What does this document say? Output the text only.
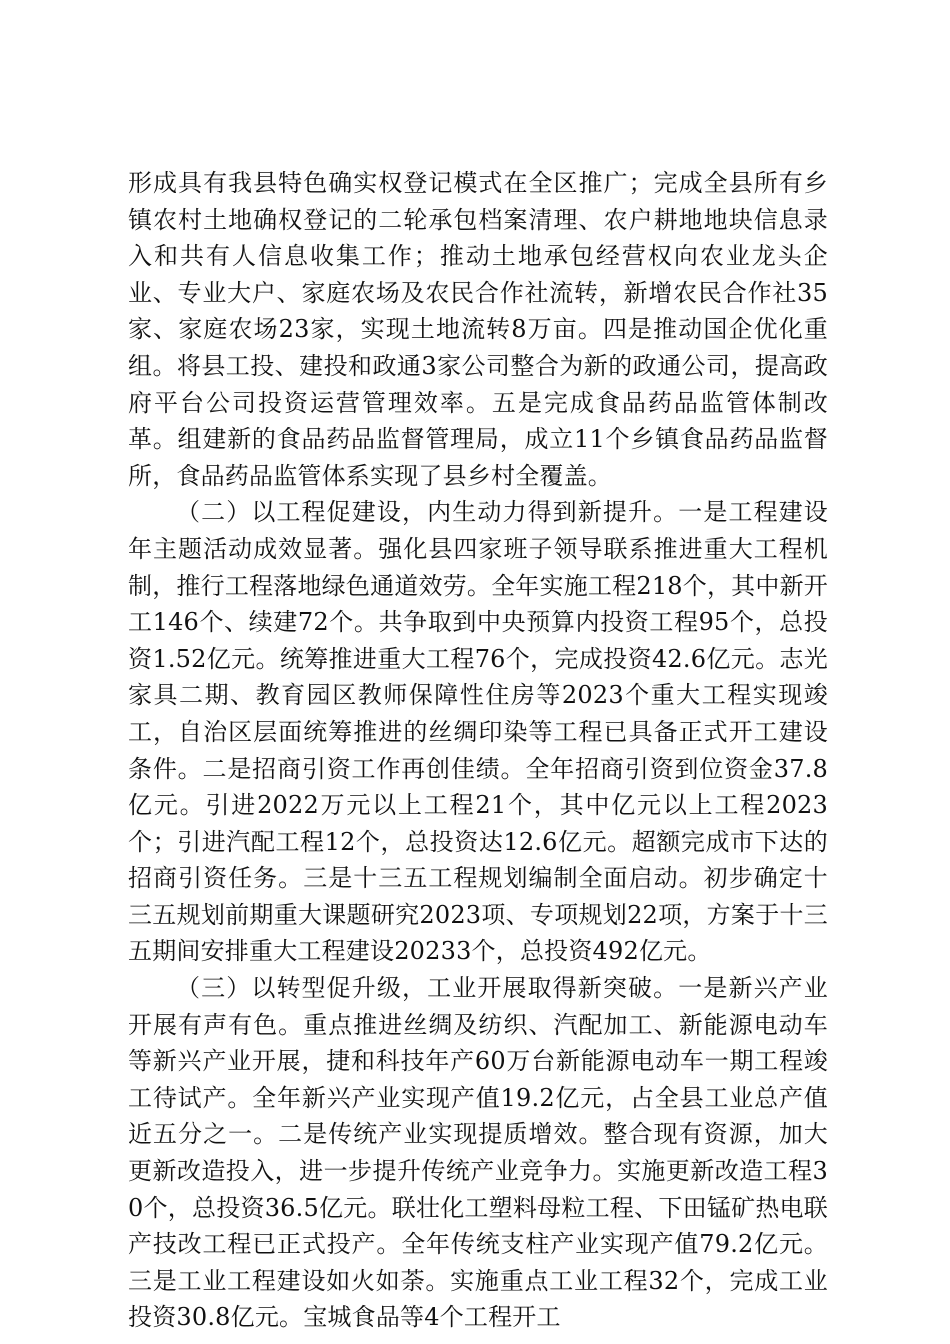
形成具有我县特色确实权登记模式在全区推广；完成全县所有乡镇农村土地确权登记的二轮承包档案清理、农户耕地地块信息录入和共有人信息收集工作；推动土地承包经营权向农业龙头企业、专业大户、家庭农场及农民合作社流转，新增农民合作社35家、家庭农场23家，实现土地流转8万亩。四是推动国企优化重组。将县工投、建投和政通3家公司整合为新的政通公司，提高政府平台公司投资运营管理效率。五是完成食品药品监管体制改革。组建新的食品药品监督管理局，成立11个乡镇食品药品监督所，食品药品监管体系实现了县乡村全覆盖。

（二）以工程促建设，内生动力得到新提升。一是工程建设年主题活动成效显著。强化县四家班子领导联系推进重大工程机制，推行工程落地绿色通道效劳。全年实施工程218个，其中新开工146个、续建72个。共争取到中央预算内投资工程95个，总投资1.52亿元。统筹推进重大工程76个，完成投资42.6亿元。志光家具二期、教育园区教师保障性住房等2023个重大工程实现竣工，自治区层面统筹推进的丝绸印染等工程已具备正式开工建设条件。二是招商引资工作再创佳绩。全年招商引资到位资金37.8亿元。引进2022万元以上工程21个，其中亿元以上工程2023个；引进汽配工程12个，总投资达12.6亿元。超额完成市下达的招商引资任务。三是十三五工程规划编制全面启动。初步确定十三五规划前期重大课题研究2023项、专项规划22项，方案于十三五期间安排重大工程建设20233个，总投资492亿元。

（三）以转型促升级，工业开展取得新突破。一是新兴产业开展有声有色。重点推进丝绸及纺织、汽配加工、新能源电动车等新兴产业开展，捷和科技年产60万台新能源电动车一期工程竣工待试产。全年新兴产业实现产值19.2亿元，占全县工业总产值近五分之一。二是传统产业实现提质增效。整合现有资源，加大更新改造投入，进一步提升传统产业竞争力。实施更新改造工程30个，总投资36.5亿元。联壮化工塑料母粒工程、下田锰矿热电联产技改工程已正式投产。全年传统支柱产业实现产值79.2亿元。三是工业工程建设如火如荼。实施重点工业工程32个，完成工业投资30.8亿元。宝城食品等4个工程开工
